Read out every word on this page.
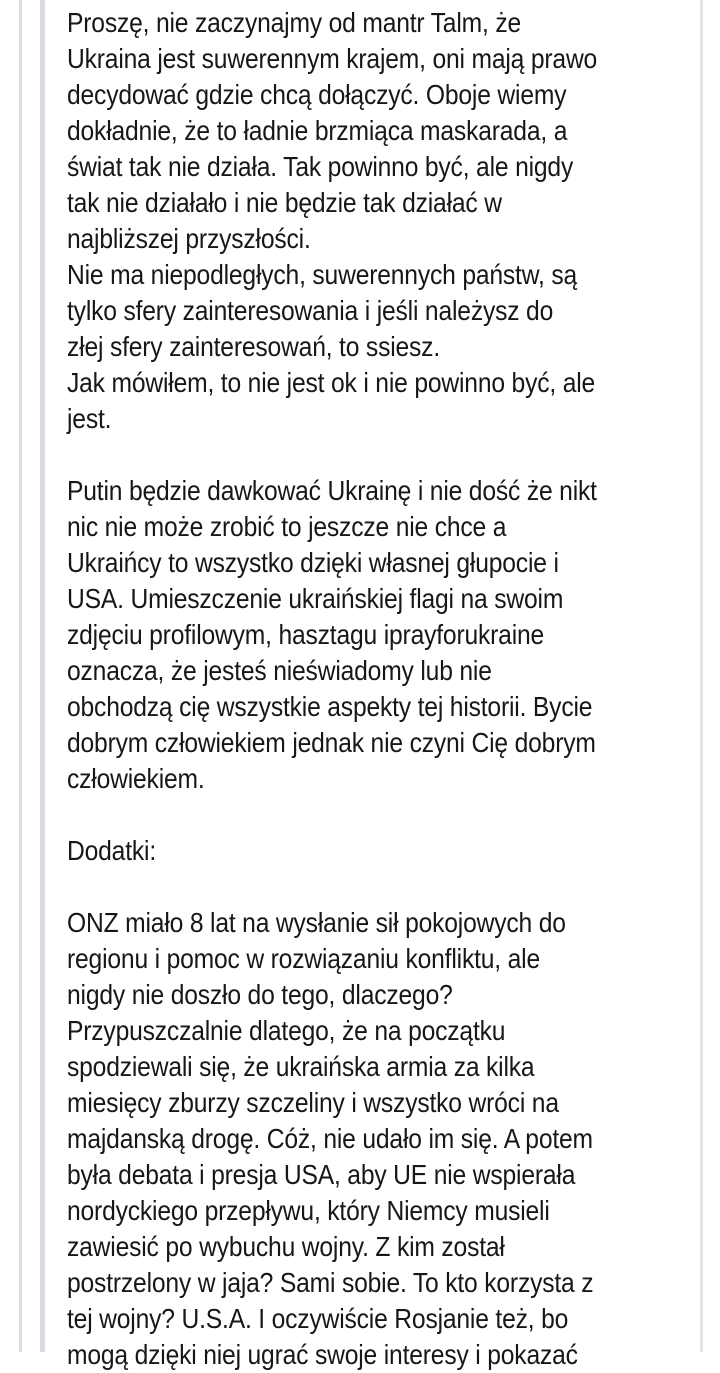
Proszę, nie zaczynajmy od mantr Talm, że
Ukraina jest suwerennym krajem, oni mają prawo
decydować gdzie chcą dołączyć. Oboje wiemy
dokładnie, że to ładnie brzmiąca maskarada, a
świat tak nie działa. Tak powinno być, ale nigdy
tak nie działało i nie będzie tak działać w
najbliższej przyszłości.
Nie ma niepodległych, suwerennych państw, są
tylko sfery zainteresowania i jeśli należysz do
złej sfery zainteresowań, to ssiesz.
Jak mówiłem, to nie jest ok i nie powinno być, ale
jest.

Putin będzie dawkować Ukrainę i nie dość że nikt
nic nie może zrobić to jeszcze nie chce a
Ukraińcy to wszystko dzięki własnej głupocie i
USA. Umieszczenie ukraińskiej flagi na swoim
zdjęciu profilowym, hasztagu iprayforukraine
oznacza, że jesteś nieświadomy lub nie
obchodzą cię wszystkie aspekty tej historii. Bycie
dobrym człowiekiem jednak nie czyni Cię dobrym
człowiekiem.

Dodatki:

ONZ miało 8 lat na wysłanie sił pokojowych do
regionu i pomoc w rozwiązaniu konfliktu, ale
nigdy nie doszło do tego, dlaczego?
Przypuszczalnie dlatego, że na początku
spodziewali się, że ukraińska armia za kilka
miesięcy zburzy szczeliny i wszystko wróci na
majdanską drogę. Cóż, nie udało im się. A potem
była debata i presja USA, aby UE nie wspierała
nordyckiego przepływu, który Niemcy musieli
zawiesić po wybuchu wojny. Z kim został
postrzelony w jaja? Sami sobie. To kto korzysta z
tej wojny? U.S.A. I oczywiście Rosjanie też, bo
mogą dzięki niej ugrać swoje interesy i pokazać
